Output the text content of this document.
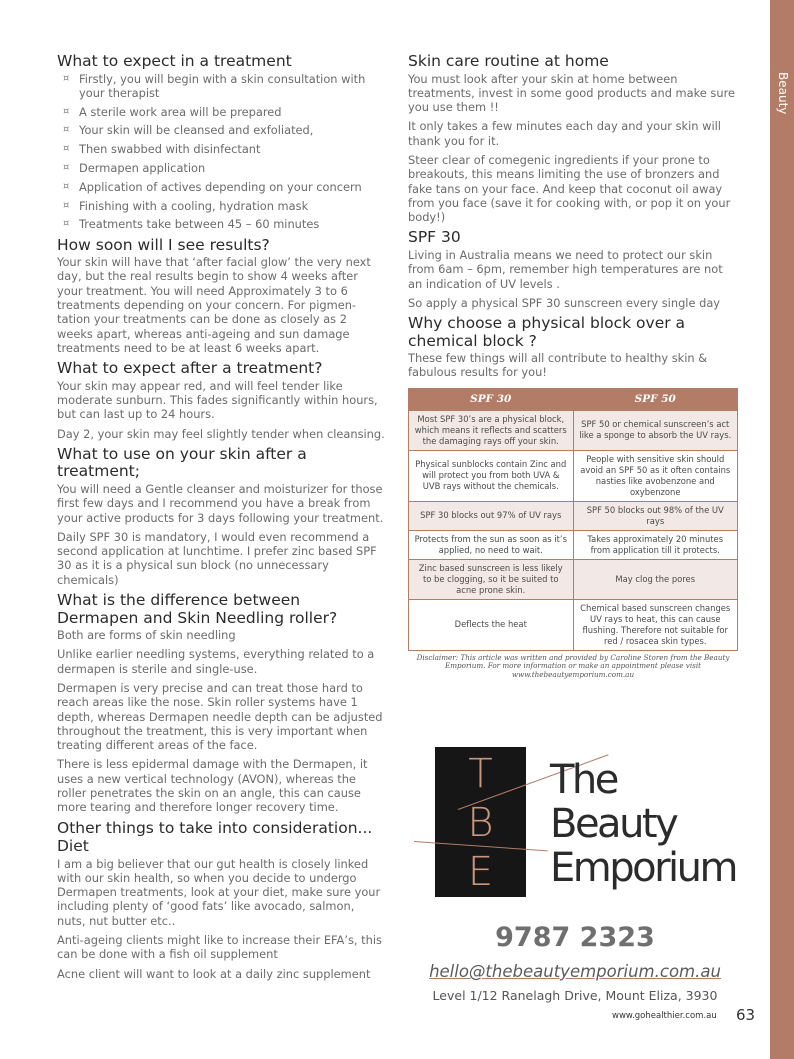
Beauty
What to expect in a treatment
¤ Firstly, you will begin with a skin consultation with your therapist
¤ A sterile work area will be prepared
¤ Your skin will be cleansed and exfoliated,
¤ Then swabbed with disinfectant
¤ Dermapen application
¤ Application of actives depending on your concern
¤ Finishing with a cooling, hydration mask
¤ Treatments take between 45 – 60 minutes
How soon will I see results?

Your skin will have that ‘after facial glow’ the very next day, but the real results begin to show 4 weeks after your treatment. You will need Approximately 3 to 6 treatments depending on your concern. For pigmen- tation your treatments can be done as closely as 2 weeks apart, whereas anti-ageing and sun damage treatments need to be at least 6 weeks apart.

What to expect after a treatment?

Your skin may appear red, and will feel tender like moderate sunburn. This fades significantly within hours, but can last up to 24 hours.

Day 2, your skin may feel slightly tender when cleansing.

What to use on your skin after a treatment;

You will need a Gentle cleanser and moisturizer for those first few days and I recommend you have a break from your active products for 3 days following your treatment.

Daily SPF 30 is mandatory, I would even recommend a second application at lunchtime. I prefer zinc based SPF 30 as it is a physical sun block (no unnecessary chemicals)

What is the difference between
Dermapen and Skin Needling roller?

Both are forms of skin needling

Unlike earlier needling systems, everything related to a dermapen is sterile and single-use.

Dermapen is very precise and can treat those hard to reach areas like the nose. Skin roller systems have 1 depth, whereas Dermapen needle depth can be adjusted throughout the treatment, this is very important when treating different areas of the face.

There is less epidermal damage with the Dermapen, it uses a new vertical technology (AVON), whereas the roller penetrates the skin on an angle, this can cause more tearing and therefore longer recovery time.

Other things to take into consideration...
Diet

I am a big believer that our gut health is closely linked with our skin health, so when you decide to undergo Dermapen treatments, look at your diet, make sure your including plenty of ‘good fats’ like avocado, salmon, nuts, nut butter etc..

Anti-ageing clients might like to increase their EFA’s, this can be done with a fish oil supplement

Acne client will want to look at a daily zinc supplement

Skin care routine at home

You must look after your skin at home between treatments, invest in some good products and make sure you use them !!

It only takes a few minutes each day and your skin will thank you for it.

Steer clear of comegenic ingredients if your prone to breakouts, this means limiting the use of bronzers and fake tans on your face. And keep that coconut oil away from you face (save it for cooking with, or pop it on your body!)

SPF 30

Living in Australia means we need to protect our skin from 6am – 6pm, remember high temperatures are not an indication of UV levels .

So apply a physical SPF 30 sunscreen every single day

Why choose a physical block over a
chemical block ?

These few things will all contribute to healthy skin & fabulous results for you!

SPF 30	SPF 50
Most SPF 30’s are a physical block, which means it reflects and scatters the damaging rays off your skin.	SPF 50 or chemical sunscreen’s act like a sponge to absorb the UV rays.
Physical sunblocks contain Zinc and will protect you from both UVA & UVB rays without the chemicals.	People with sensitive skin should avoid an SPF 50 as it often contains nasties like avobenzone and oxybenzone
SPF 30 blocks out 97% of UV rays	SPF 50 blocks out 98% of the UV rays
Protects from the sun as soon as it’s applied, no need to wait.	Takes approximately 20 minutes from application till it protects.
Zinc based sunscreen is less likely to be clogging, so it be suited to acne prone skin.	May clog the pores
Deflects the heat	Chemical based sunscreen changes UV rays to heat, this can cause flushing. Therefore not suitable for red / rosacea skin types.
Disclaimer: This article was written and provided by Caroline Storen from the Beauty Emporium. For more information or make an appointment please visit www.thebeautyemporium.com.au
T
B
E
The
Beauty
Emporium
9787 2323
hello@thebeautyemporium.com.au
Level 1/12 Ranelagh Drive, Mount Eliza, 3930
www.gohealthier.com.au 63
